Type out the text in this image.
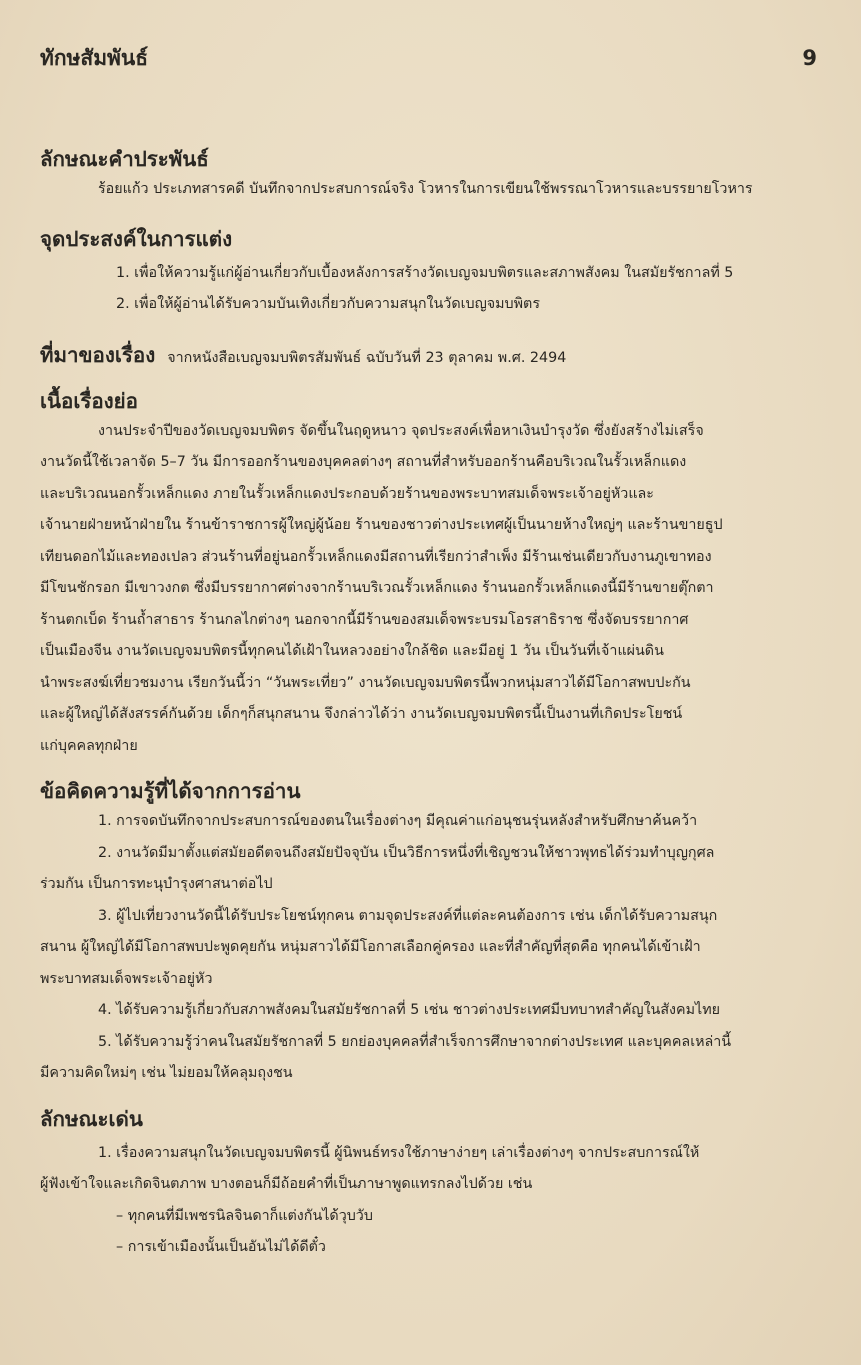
ทักษสัมพันธ์	9
ลักษณะคำประพันธ์

ร้อยแก้ว ประเภทสารคดี บันทึกจากประสบการณ์จริง โวหารในการเขียนใช้พรรณาโวหารและบรรยายโวหาร

จุดประสงค์ในการแต่ง

1. เพื่อให้ความรู้แก่ผู้อ่านเกี่ยวกับเบื้องหลังการสร้างวัดเบญจมบพิตรและสภาพสังคม ในสมัยรัชกาลที่ 5

2. เพื่อให้ผู้อ่านได้รับความบันเทิงเกี่ยวกับความสนุกในวัดเบญจมบพิตร

ที่มาของเรื่อง จากหนังสือเบญจมบพิตรสัมพันธ์ ฉบับวันที่ 23 ตุลาคม พ.ศ. 2494
เนื้อเรื่องย่อ

งานประจำปีของวัดเบญจมบพิตร จัดขึ้นในฤดูหนาว จุดประสงค์เพื่อหาเงินบำรุงวัด ซึ่งยังสร้างไม่เสร็จ

งานวัดนี้ใช้เวลาจัด 5–7 วัน มีการออกร้านของบุคคลต่างๆ สถานที่สำหรับออกร้านคือบริเวณในรั้วเหล็กแดง

และบริเวณนอกรั้วเหล็กแดง ภายในรั้วเหล็กแดงประกอบด้วยร้านของพระบาทสมเด็จพระเจ้าอยู่หัวและ

เจ้านายฝ่ายหน้าฝ่ายใน ร้านข้าราชการผู้ใหญ่ผู้น้อย ร้านของชาวต่างประเทศผู้เป็นนายห้างใหญ่ๆ และร้านขายธูป

เทียนดอกไม้และทองเปลว ส่วนร้านที่อยู่นอกรั้วเหล็กแดงมีสถานที่เรียกว่าสำเพ็ง มีร้านเช่นเดียวกับงานภูเขาทอง

มีโขนชักรอก มีเขาวงกต ซึ่งมีบรรยากาศต่างจากร้านบริเวณรั้วเหล็กแดง ร้านนอกรั้วเหล็กแดงนี้มีร้านขายตุ๊กตา

ร้านตกเบ็ด ร้านถ้ำสาธาร ร้านกลไกต่างๆ นอกจากนี้มีร้านของสมเด็จพระบรมโอรสาธิราช ซึ่งจัดบรรยากาศ

เป็นเมืองจีน งานวัดเบญจมบพิตรนี้ทุกคนได้เฝ้าในหลวงอย่างใกล้ชิด และมีอยู่ 1 วัน เป็นวันที่เจ้าแผ่นดิน

นำพระสงฆ์เที่ยวชมงาน เรียกวันนี้ว่า “วันพระเที่ยว” งานวัดเบญจมบพิตรนี้พวกหนุ่มสาวได้มีโอกาสพบปะกัน

และผู้ใหญ่ได้สังสรรค์กันด้วย เด็กๆก็สนุกสนาน จึงกล่าวได้ว่า งานวัดเบญจมบพิตรนี้เป็นงานที่เกิดประโยชน์

แก่บุคคลทุกฝ่าย

ข้อคิดความรู้ที่ได้จากการอ่าน

1. การจดบันทึกจากประสบการณ์ของตนในเรื่องต่างๆ มีคุณค่าแก่อนุชนรุ่นหลังสำหรับศึกษาค้นคว้า

2. งานวัดมีมาตั้งแต่สมัยอดีตจนถึงสมัยปัจจุบัน เป็นวิธีการหนึ่งที่เชิญชวนให้ชาวพุทธได้ร่วมทำบุญกุศล

ร่วมกัน เป็นการทะนุบำรุงศาสนาต่อไป

3. ผู้ไปเที่ยวงานวัดนี้ได้รับประโยชน์ทุกคน ตามจุดประสงค์ที่แต่ละคนต้องการ เช่น เด็กได้รับความสนุก

สนาน ผู้ใหญ่ได้มีโอกาสพบปะพูดคุยกัน หนุ่มสาวได้มีโอกาสเลือกคู่ครอง และที่สำคัญที่สุดคือ ทุกคนได้เข้าเฝ้า

พระบาทสมเด็จพระเจ้าอยู่หัว

4. ได้รับความรู้เกี่ยวกับสภาพสังคมในสมัยรัชกาลที่ 5 เช่น ชาวต่างประเทศมีบทบาทสำคัญในสังคมไทย

5. ได้รับความรู้ว่าคนในสมัยรัชกาลที่ 5 ยกย่องบุคคลที่สำเร็จการศึกษาจากต่างประเทศ และบุคคลเหล่านี้

มีความคิดใหม่ๆ เช่น ไม่ยอมให้คลุมถุงชน

ลักษณะเด่น

1. เรื่องความสนุกในวัดเบญจมบพิตรนี้ ผู้นิพนธ์ทรงใช้ภาษาง่ายๆ เล่าเรื่องต่างๆ จากประสบการณ์ให้

ผู้ฟังเข้าใจและเกิดจินตภาพ บางตอนก็มีถ้อยคำที่เป็นภาษาพูดแทรกลงไปด้วย เช่น

– ทุกคนที่มีเพชรนิลจินดาก็แต่งกันได้วุบวับ

– การเข้าเมืองนั้นเป็นอันไม่ได้ดีตั๋ว
